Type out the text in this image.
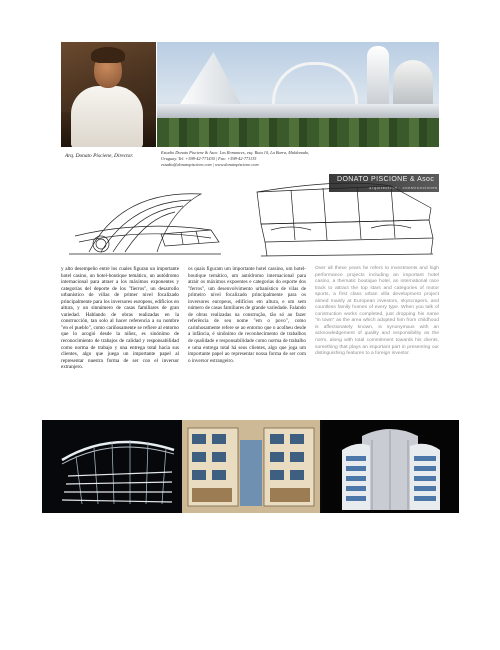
Arq. Donato Pisciene, Director.
Estudio Donato Pisciene & Asoc. Los Romances, esq. Ruta 10, La Barra, Maldonado,
Uruguay. Tel. +598-42-771430 | Fax: +598-42-771135
estudio@donatopisciene.com | www.donatopisciene.com
DONATO PISCIONE & Asoc
arquitectura · construcciones
y alto desempeño entre los cuales figuran un importante hotel casino, un hotel-boutique temático, un autódromo internacional para atraer a los máximos exponentes y categorías del deporte de los "fierros", un desarrollo urbanístico de villas de primer nivel focalizado principalmente para los inversores europeos, edificios en altura, y un sinnúmero de casas familiares de gran variedad. Hablando de obras realizadas en la construcción, tan solo al hacer referencia a su nombre "en el pueblo", como cariñosamente se refiere al entorno que lo acogió desde la niñez, es sinónimo de reconocimiento de trabajos de calidad y responsabilidad como norma de trabajo y una entrega total hacia sus clientes, algo que juega un importante papel al representar nuestra forma de ser con el inversor extranjero.
os quais figuram um importante hotel cassino, um hotel-boutique temático, um autódromo internacional para atrair os máximos expoentes e categorias do esporte dos "ferros", um desenvolvimento urbanístico de vilas de primeiro nível focalizado principalmente para os inversores europeus, edifícios em altura, e um sem número de casas familiares de grande variedade. Falando de obras realizadas na construção, tão só ao fazer referência de seu nome "em o povo", como carinhosamente refere se ao entorno que o acolheu desde a infância, é sinônimo de reconhecimento de trabalhos de qualidade e responsabilidade como norma de trabalho e uma entrega total há seus clientes, algo que joga um importante papel ao representar nossa forma de ser com o inversor estrangeiro.
Over all these years he refers to investments and high performance projects including an important hotel casino, a thematic boutique hotel, an international race track to attract the top stars and categories of motor sports, a first class urban villa development project aimed mainly at European investors, skyscrapers, and countless family homes of every type. When you talk of construction works completed, just dropping his name "in town" as the area which adopted him from childhood is affectionately known, is synonymous with an acknowledgement of quality and responsibility as the norm, along with total commitment towards his clients, something that plays an important part in presenting our distinguishing features to a foreign investor.
